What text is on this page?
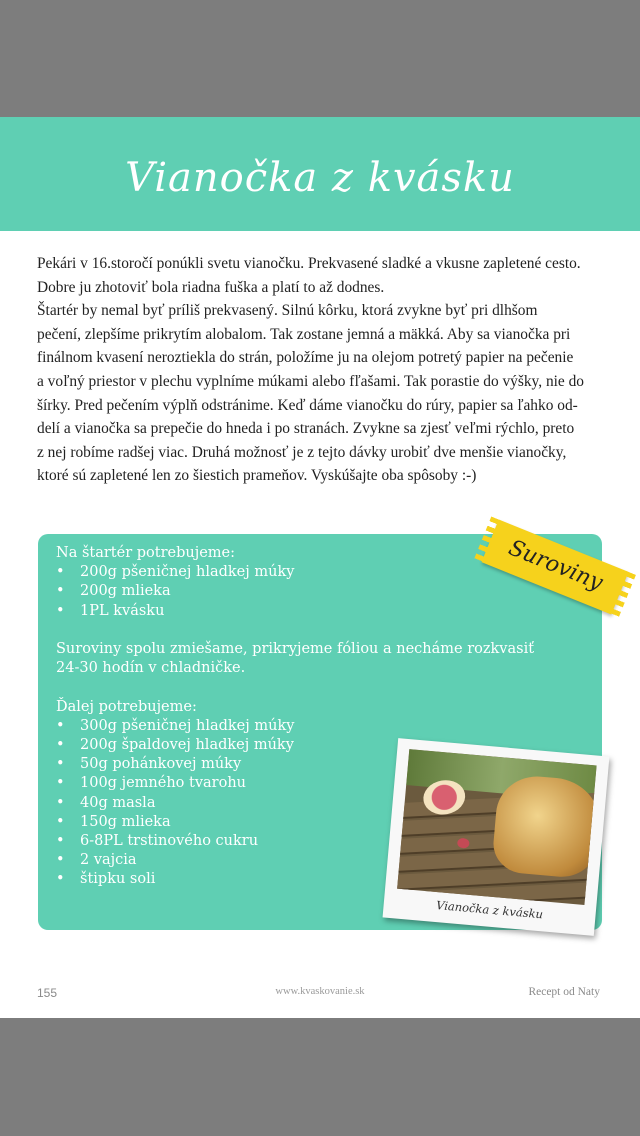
Vianočka z kvásku

Pekári v 16.storočí ponúkli svetu vianočku. Prekvasené sladké a vkusne zapletené cesto.

Dobre ju zhotoviť bola riadna fuška a platí to až dodnes.

Štartér by nemal byť príliš prekvasený. Silnú kôrku, ktorá zvykne byť pri dlhšom

pečení, zlepšíme prikrytím alobalom. Tak zostane jemná a mäkká. Aby sa vianočka pri

finálnom kvasení neroztiekla do strán, položíme ju na olejom potretý papier na pečenie

a voľný priestor v plechu vyplníme múkami alebo fľašami. Tak porastie do výšky, nie do

šírky. Pred pečením výplň odstránime. Keď dáme vianočku do rúry, papier sa ľahko od-

delí a vianočka sa prepečie do hneda i po stranách. Zvykne sa zjesť veľmi rýchlo, preto

z nej robíme radšej viac. Druhá možnosť je z tejto dávky urobiť dve menšie vianočky,

ktoré sú zapletené len zo šiestich prameňov. Vyskúšajte oba spôsoby :-)

Na štartér potrebujeme:
• 200g pšeničnej hladkej múky
• 200g mlieka
• 1PL kvásku
Suroviny spolu zmiešame, prikryjeme fóliou a necháme rozkvasiť
24-30 hodín v chladničke.
Ďalej potrebujeme:
• 300g pšeničnej hladkej múky
• 200g špaldovej hladkej múky
• 50g pohánkovej múky
• 100g jemného tvarohu
• 40g masla
• 150g mlieka
• 6-8PL trstinového cukru
• 2 vajcia
• štipku soli
Suroviny
Vianočka z kvásku
155	www.kvaskovanie.sk	Recept od Naty
